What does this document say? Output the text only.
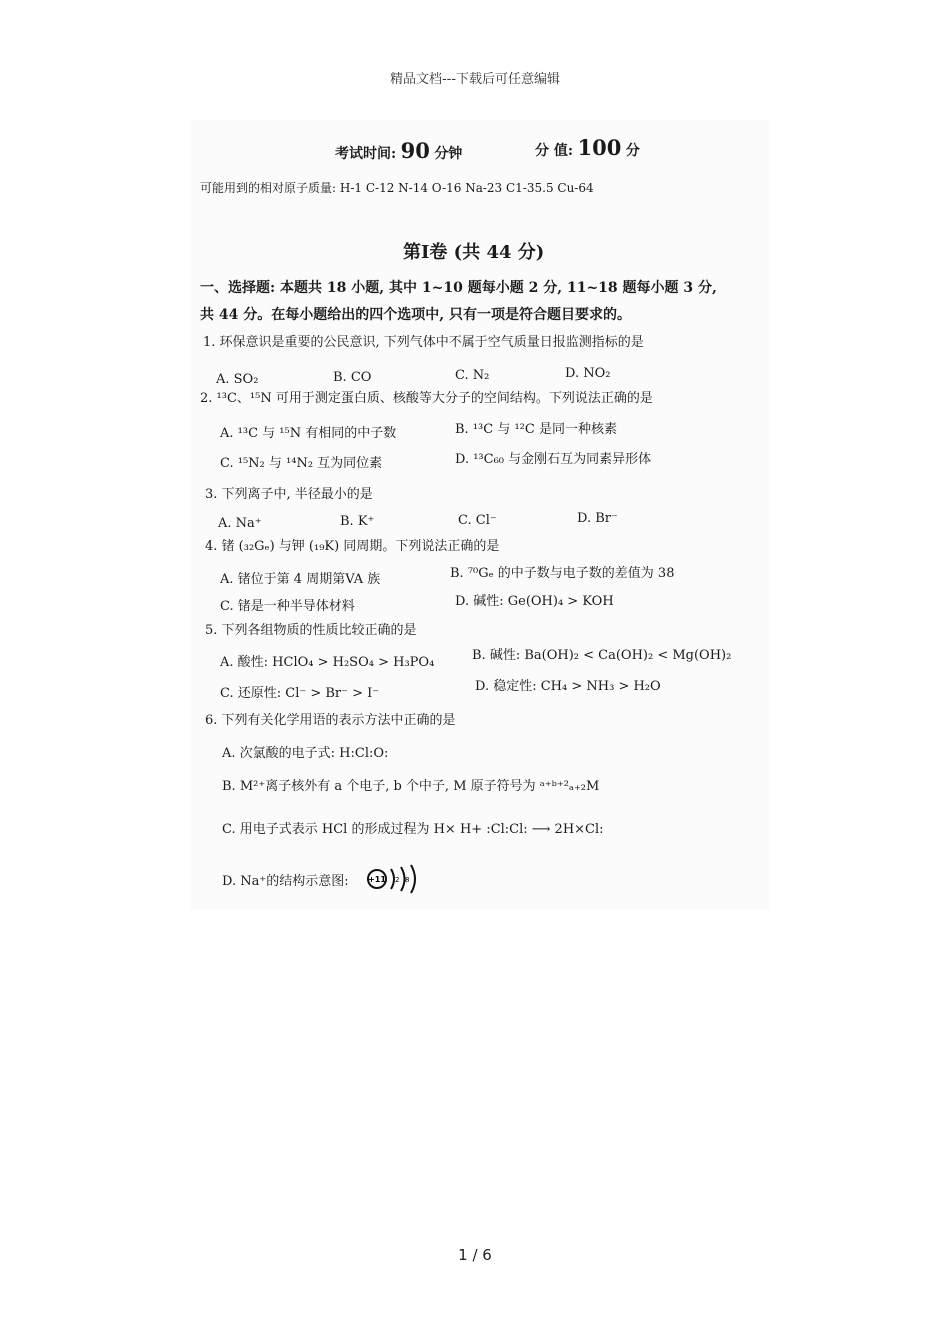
精品文档---下载后可任意编辑
考试时间: 90 分钟	分 值: 100 分
可能用到的相对原子质量: H-1 C-12 N-14 O-16 Na-23 C1-35.5 Cu-64
第I卷 (共 44 分)
一、选择题: 本题共 18 小题, 其中 1~10 题每小题 2 分, 11~18 题每小题 3 分,
共 44 分。在每小题给出的四个选项中, 只有一项是符合题目要求的。
1. 环保意识是重要的公民意识, 下列气体中不属于空气质量日报监测指标的是
A. SO₂	B. CO	C. N₂	D. NO₂
2. ¹³C、¹⁵N 可用于测定蛋白质、核酸等大分子的空间结构。下列说法正确的是
A. ¹³C 与 ¹⁵N 有相同的中子数	B. ¹³C 与 ¹²C 是同一种核素
C. ¹⁵N₂ 与 ¹⁴N₂ 互为同位素	D. ¹³C₆₀ 与金刚石互为同素异形体
3. 下列离子中, 半径最小的是
A. Na⁺	B. K⁺	C. Cl⁻	D. Br⁻
4. 锗 (₃₂Gₑ) 与钾 (₁₉K) 同周期。下列说法正确的是
A. 锗位于第 4 周期第VA 族	B. ⁷⁰Gₑ 的中子数与电子数的差值为 38
C. 锗是一种半导体材料	D. 碱性: Ge(OH)₄ > KOH
5. 下列各组物质的性质比较正确的是
A. 酸性: HClO₄ > H₂SO₄ > H₃PO₄	B. 碱性: Ba(OH)₂ < Ca(OH)₂ < Mg(OH)₂
C. 还原性: Cl⁻ > Br⁻ > I⁻	D. 稳定性: CH₄ > NH₃ > H₂O
6. 下列有关化学用语的表示方法中正确的是
A. 次氯酸的电子式: H:Cl:O:
B. M²⁺离子核外有 a 个电子, b 个中子, M 原子符号为 ᵃ⁺ᵇ⁺²ₐ₊₂M
C. 用电子式表示 HCl 的形成过程为 H× H+ :Cl:Cl: ⟶ 2H×Cl:
D. Na⁺的结构示意图: +11 2 8
1 / 6
